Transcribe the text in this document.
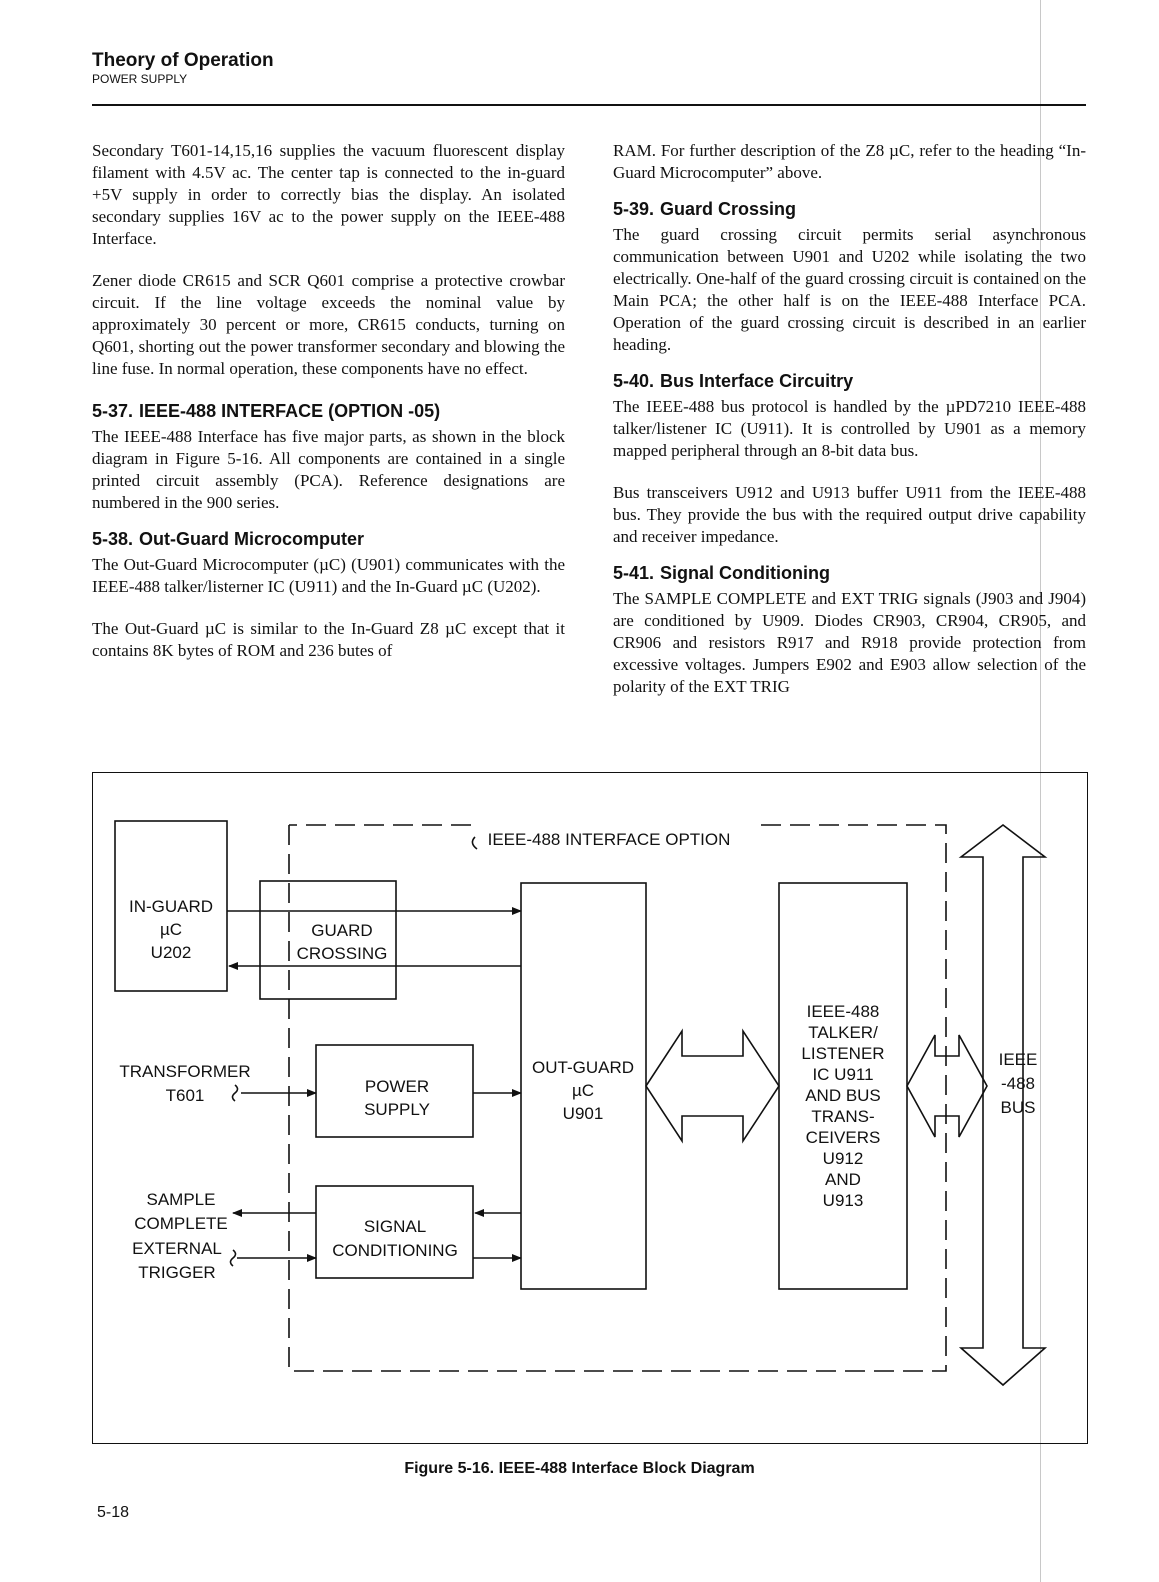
Theory of Operation
POWER SUPPLY

Secondary T601-14,15,16 supplies the vacuum fluorescent display filament with 4.5V ac. The center tap is connected to the in-guard +5V supply in order to correctly bias the display. An isolated secondary supplies 16V ac to the power supply on the IEEE-488 Interface.

Zener diode CR615 and SCR Q601 comprise a protective crowbar circuit. If the line voltage exceeds the nominal value by approximately 30 percent or more, CR615 conducts, turning on Q601, shorting out the power transformer secondary and blowing the line fuse. In normal operation, these components have no effect.

5-37. IEEE-488 INTERFACE (OPTION -05)

The IEEE-488 Interface has five major parts, as shown in the block diagram in Figure 5-16. All components are contained in a single printed circuit assembly (PCA). Reference designations are numbered in the 900 series.

5-38. Out-Guard Microcomputer

The Out-Guard Microcomputer (µC) (U901) communicates with the IEEE-488 talker/listerner IC (U911) and the In-Guard µC (U202).

The Out-Guard µC is similar to the In-Guard Z8 µC except that it contains 8K bytes of ROM and 236 butes of

RAM. For further description of the Z8 µC, refer to the heading “In-Guard Microcomputer” above.

5-39. Guard Crossing

The guard crossing circuit permits serial asynchronous communication between U901 and U202 while isolating the two electrically. One-half of the guard crossing circuit is contained on the Main PCA; the other half is on the IEEE-488 Interface PCA. Operation of the guard crossing circuit is described in an earlier heading.

5-40. Bus Interface Circuitry

The IEEE-488 bus protocol is handled by the µPD7210 IEEE-488 talker/listener IC (U911). It is controlled by U901 as a memory mapped peripheral through an 8-bit data bus.

Bus transceivers U912 and U913 buffer U911 from the IEEE-488 bus. They provide the bus with the required output drive capability and receiver impedance.

5-41. Signal Conditioning

The SAMPLE COMPLETE and EXT TRIG signals (J903 and J904) are conditioned by U909. Diodes CR903, CR904, CR905, and CR906 and resistors R917 and R918 provide protection from excessive voltages. Jumpers E902 and E903 allow selection of the polarity of the EXT TRIG

IEEE-488 INTERFACE OPTION
IN-GUARD
µC
U202
GUARD
CROSSING
TRANSFORMER
T601	POWER
SUPPLY
SAMPLE
COMPLETE
EXTERNAL
TRIGGER
SIGNAL
CONDITIONING
OUT-GUARD
µC
U901
IEEE-488
TALKER/
LISTENER
IC U911
AND BUS
TRANS-
CEIVERS
U912
AND
U913
IEEE
-488
BUS
Figure 5-16. IEEE-488 Interface Block Diagram
5-18
